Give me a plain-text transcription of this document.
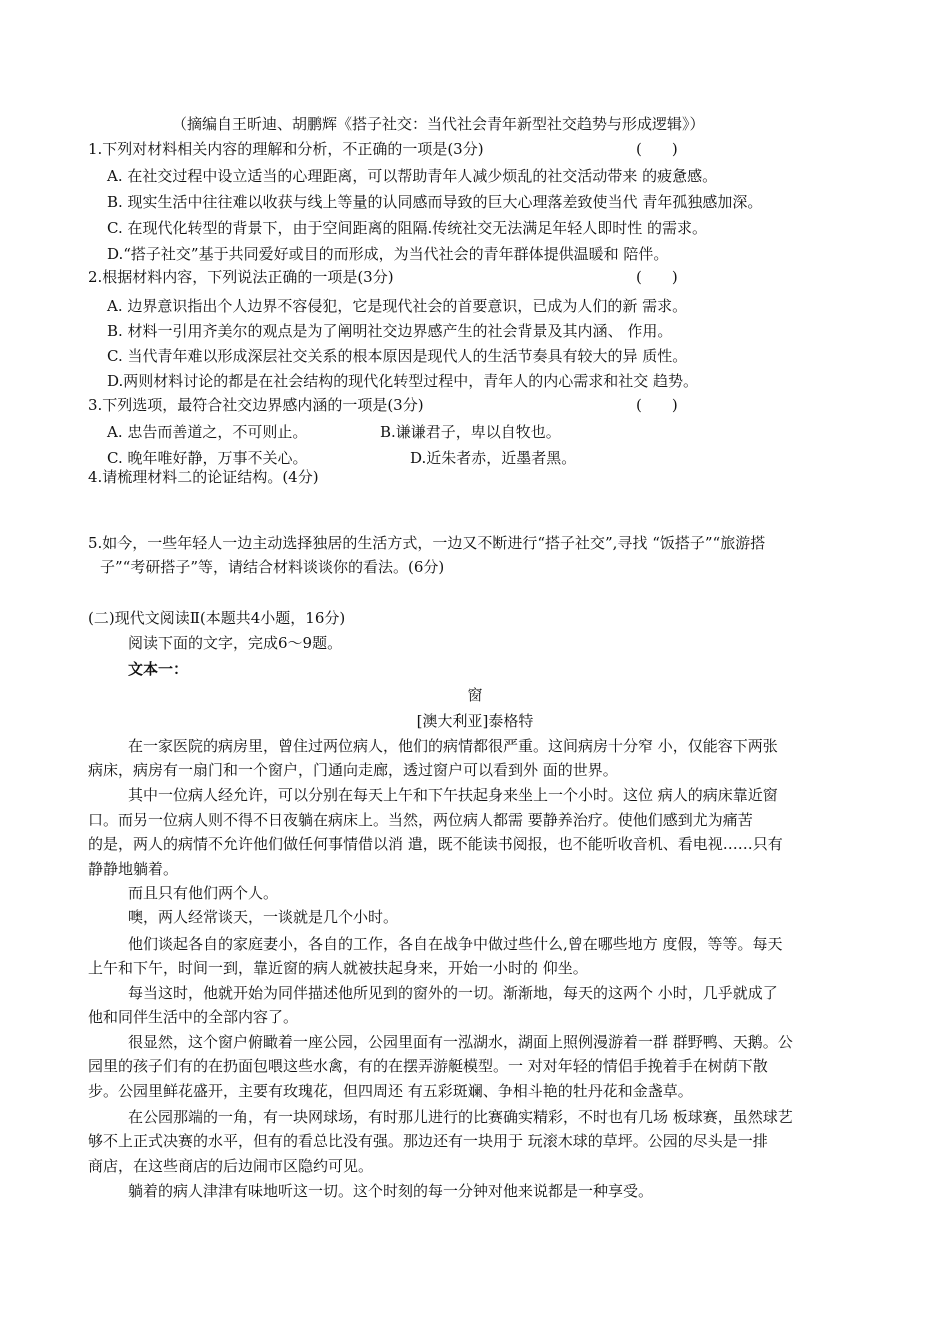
（摘编自王昕迪、胡鹏辉《搭子社交：当代社会青年新型社交趋势与形成逻辑》）
1.下列对材料相关内容的理解和分析，不正确的一项是(3分)	(　　)
A. 在社交过程中设立适当的心理距离，可以帮助青年人减少烦乱的社交活动带来 的疲惫感。
B. 现实生活中往往难以收获与线上等量的认同感而导致的巨大心理落差致使当代 青年孤独感加深。
C. 在现代化转型的背景下，由于空间距离的阻隔.传统社交无法满足年轻人即时性 的需求。
D.“搭子社交”基于共同爱好或目的而形成，为当代社会的青年群体提供温暖和 陪伴。
2.根据材料内容，下列说法正确的一项是(3分)	(　　)
A. 边界意识指出个人边界不容侵犯，它是现代社会的首要意识，已成为人们的新 需求。
B. 材料一引用齐美尔的观点是为了阐明社交边界感产生的社会背景及其内涵、 作用。
C. 当代青年难以形成深层社交关系的根本原因是现代人的生活节奏具有较大的异 质性。
D.两则材料讨论的都是在社会结构的现代化转型过程中，青年人的内心需求和社交 趋势。
3.下列选项，最符合社交边界感内涵的一项是(3分)	(　　)
A. 忠告而善道之，不可则止。	B.谦谦君子，卑以自牧也。
C. 晚年唯好静，万事不关心。	D.近朱者赤，近墨者黑。
4.请梳理材料二的论证结构。(4分)
5.如今，一些年轻人一边主动选择独居的生活方式，一边又不断进行“搭子社交”,寻找 “饭搭子”“旅游搭
子”“考研搭子”等，请结合材料谈谈你的看法。(6分)
(二)现代文阅读Ⅱ(本题共4小题，16分)
阅读下面的文字，完成6～9题。
文本一：
窗
[澳大利亚]泰格特
在一家医院的病房里，曾住过两位病人，他们的病情都很严重。这间病房十分窄 小，仅能容下两张
病床，病房有一扇门和一个窗户，门通向走廊，透过窗户可以看到外 面的世界。
其中一位病人经允许，可以分别在每天上午和下午扶起身来坐上一个小时。这位 病人的病床靠近窗
口。而另一位病人则不得不日夜躺在病床上。当然，两位病人都需 要静养治疗。使他们感到尤为痛苦
的是，两人的病情不允许他们做任何事情借以消 遣，既不能读书阅报，也不能听收音机、看电视……只有
静静地躺着。
而且只有他们两个人。
噢，两人经常谈天，一谈就是几个小时。
他们谈起各自的家庭妻小，各自的工作，各自在战争中做过些什么,曾在哪些地方 度假，等等。每天
上午和下午，时间一到，靠近窗的病人就被扶起身来，开始一小时的 仰坐。
每当这时，他就开始为同伴描述他所见到的窗外的一切。渐渐地，每天的这两个 小时，几乎就成了
他和同伴生活中的全部内容了。
很显然，这个窗户俯瞰着一座公园，公园里面有一泓湖水，湖面上照例漫游着一群 群野鸭、天鹅。公
园里的孩子们有的在扔面包喂这些水禽，有的在摆弄游艇模型。一 对对年轻的情侣手挽着手在树荫下散
步。公园里鲜花盛开，主要有玫瑰花，但四周还 有五彩斑斓、争相斗艳的牡丹花和金盏草。
在公园那端的一角，有一块网球场，有时那儿进行的比赛确实精彩，不时也有几场 板球赛，虽然球艺
够不上正式决赛的水平，但有的看总比没有强。那边还有一块用于 玩滚木球的草坪。公园的尽头是一排
商店，在这些商店的后边闹市区隐约可见。
躺着的病人津津有味地听这一切。这个时刻的每一分钟对他来说都是一种享受。
